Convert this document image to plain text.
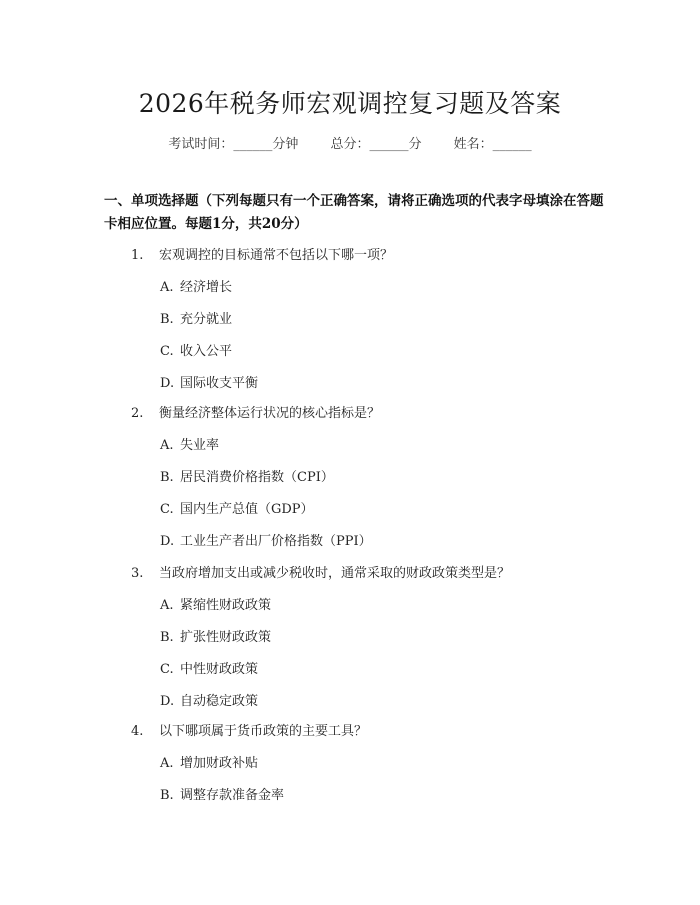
2026年税务师宏观调控复习题及答案
考试时间：______分钟 总分：______分 姓名：______
一、单项选择题（下列每题只有一个正确答案，请将正确选项的代表字母填涂在答题卡相应位置。每题1分，共20分）
1. 宏观调控的目标通常不包括以下哪一项？
A. 经济增长
B. 充分就业
C. 收入公平
D. 国际收支平衡
2. 衡量经济整体运行状况的核心指标是？
A. 失业率
B. 居民消费价格指数（CPI）
C. 国内生产总值（GDP）
D. 工业生产者出厂价格指数（PPI）
3. 当政府增加支出或减少税收时，通常采取的财政政策类型是？
A. 紧缩性财政政策
B. 扩张性财政政策
C. 中性财政政策
D. 自动稳定政策
4. 以下哪项属于货币政策的主要工具？
A. 增加财政补贴
B. 调整存款准备金率
